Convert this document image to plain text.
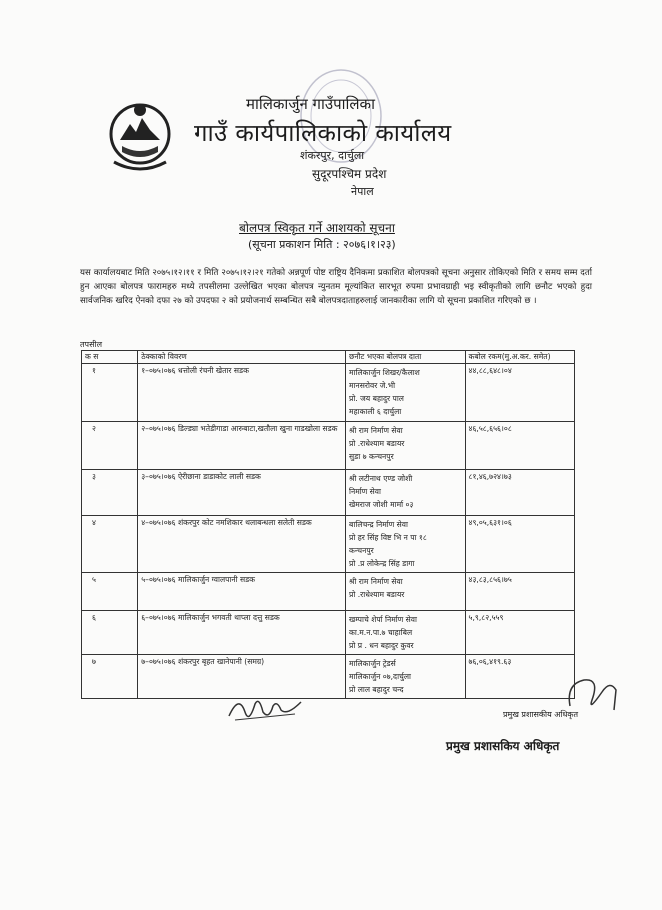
मालिकार्जुन गाउँपालिका
गाउँ कार्यपालिकाको कार्यालय
शंकरपुर, दार्चुला
सुदूरपश्चिम प्रदेश
नेपाल
बोलपत्र स्विकृत गर्ने आशयको सूचना
(सूचना प्रकाशन मिति : २०७६।१।२३)
यस कार्यालयबाट मिति २०७५।१२।११ र मिति २०७५।१२।२१ गतेको अन्नपूर्ण पोष्ट राष्ट्रिय दैनिकमा प्रकाशित बोलपत्रको सूचना अनुसार तोकिएको मिति र समय सम्म दर्ता हुन आएका बोलपत्र फारामहरु मध्ये तपसीलमा उल्लेखित भएका बोलपत्र न्युनतम मूल्यांकित सारभूत रुपमा प्रभावग्राही भइ स्वीकृतीको लागि छनौट भएको हुदा सार्वजनिक खरिद ऐनको दफा २७ को उपदफा २ को प्रयोजनार्थ सम्बन्धित सबै बोलपत्रदाताहरुलाई जानकारीका लागि यो सूचना प्रकाशित गरिएको छ ।
तपसील
क स	ठेक्काको विवरण	छनौट भएका बोलपत्र दाता	कबोल रकम(मु.अ.कर. समेत)
१	१–०७५।०७६ धत्तोली रंचनी खेतार सडक	मालिकार्जुन शिखर/कैलाश
मानसरोवर जे.भी
प्रो. जय बहादुर पाल
महाकाली ६ दार्चुला	४४,८८,६४८।०४
२	२–०७५।०७६ डिल्ड्या भतेडीगाडा आरुबाटा,खतौला खुना गाडखोला सडक	श्री राम निर्माण सेवा
प्रो .राधेश्याम बडायर
सुडा ७ कन्चनपुर	४६,५८,६५६।०८
३	३–०७५।०७६ ऐरीछाना डाडाकोट लाली सडक	श्री लटीनाथ एण्ड जोशी
निर्माण सेवा
खेमराज जोशी मार्मा ०३	८१,४६,७२४।७३
४	४–०७५।०७६ शंकरपुर कोट नमशिकार थलाबन्धला सलेती सडक	बालिचन्द्र निर्माण सेवा
प्रो हर सिंह विष्ट भि न पा १८
कन्चनपुर
प्रो .प्र लोकेन्द्र सिंह डागा	४९,०५,६३१।०६
५	५–०७५।०७६ मालिकार्जुन ग्वालपानी सडक	श्री राम निर्माण सेवा
प्रो .राधेश्याम बडायर	४३,८३,८५६।७५
६	६–०७५।०७६ मालिकार्जुन भगवती थाप्ला दत्तु सडक	खम्पाचे शेर्पा निर्माण सेवा
का.म.न.पा.७ चाहाबिल
प्रो प्र . धन बहादुर कुवर	५,९,८२,५५९
७	७–०७५।०७६ शंकरपुर बृहत खानेपानी (समग्र)	मालिकार्जुन ट्रेडर्स
मालिकार्जुन ०७,दार्चुला
प्रो लाल बहादुर चन्द	७६,०६,४१९.६३
प्रमुख प्रशासकीय अधिकृत
प्रमुख प्रशासकिय अधिकृत
